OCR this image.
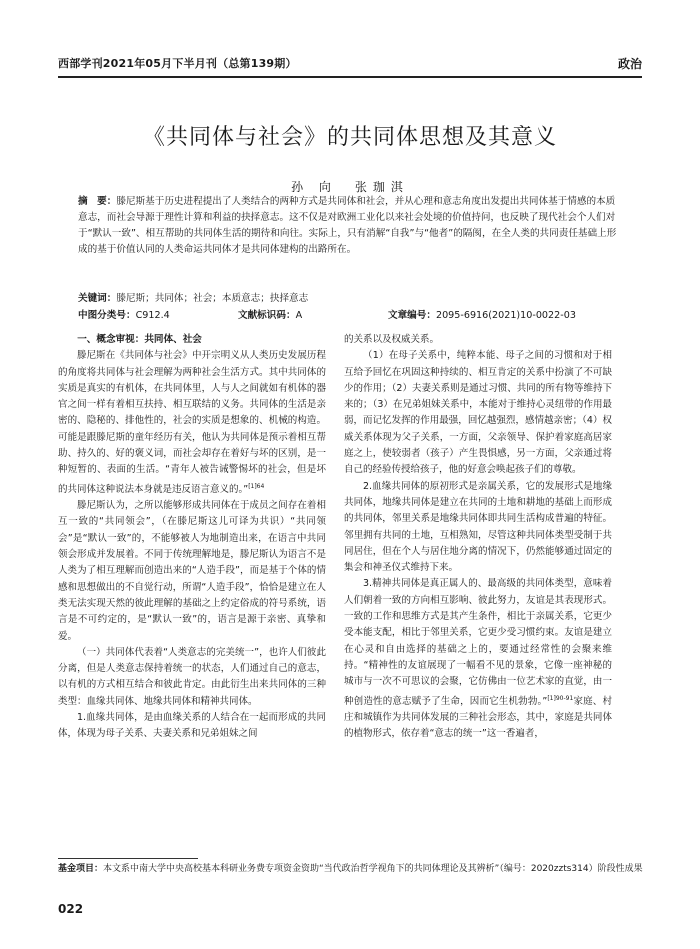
西部学刊2021年05月下半月刊（总第139期）	政治
《共同体与社会》的共同体思想及其意义
孙 向　张珈淇
摘　要：滕尼斯基于历史进程提出了人类结合的两种方式是共同体和社会，并从心理和意志角度出发提出共同体基于情感的本质意志，而社会导源于理性计算和利益的抉择意志。这不仅是对欧洲工业化以来社会处境的价值持问，也反映了现代社会个人们对于“默认一致”、相互帮助的共同体生活的期待和向往。实际上，只有消解“自我”与“他者”的隔阂，在全人类的共同责任基础上形成的基于价值认同的人类命运共同体才是共同体建构的出路所在。
关键词：滕尼斯；共同体；社会；本质意志；抉择意志
中图分类号：C912.4	文献标识码：A	文章编号：2095-6916(2021)10-0022-03
一、概念审视：共同体、社会

滕尼斯在《共同体与社会》中开宗明义从人类历史发展历程的角度将共同体与社会理解为两种社会生活方式。其中共同体的实质是真实的有机体，在共同体里，人与人之间就如有机体的器官之间一样有着相互扶持、相互联结的义务。共同体的生活是亲密的、隐秘的、排他性的，社会的实质是想象的、机械的构造。可能是跟滕尼斯的童年经历有关，他认为共同体是预示着相互帮助、持久的、好的褒义词，而社会却存在着好与坏的区别，是一种短暂的、表面的生活。“青年人被告诫警惕坏的社会，但是坏的共同体这种说法本身就是违反语言意义的。”$^{[1]64}$

滕尼斯认为，之所以能够形成共同体在于成员之间存在着相互一致的“共同领会”，（在滕尼斯这儿可译为共识）“共同领会”是“默认一致”的，不能够被人为地制造出来，在语言中共同领会形成并发展着。不同于传统理解地是，滕尼斯认为语言不是人类为了相互理解而创造出来的“人造手段”，而是基于个体的情感和思想做出的不自觉行动，所谓“人造手段”，恰恰是建立在人类无法实现天然的彼此理解的基础之上约定俗成的符号系统，语言是不可约定的，是“默认一致”的，语言是源于亲密、真挚和爱。

（一）共同体代表着“人类意志的完美统一”，也许人们彼此分离，但是人类意志保持着统一的状态，人们通过自己的意志，以有机的方式相互结合和彼此肯定。由此衍生出来共同体的三种类型：血缘共同体、地缘共同体和精神共同体。

1.血缘共同体，是由血缘关系的人结合在一起而形成的共同体，体现为母子关系、夫妻关系和兄弟姐妹之间

的关系以及权威关系。

（1）在母子关系中，纯粹本能、母子之间的习惯和对于相互给予回忆在巩固这种持续的、相互肯定的关系中扮演了不可缺少的作用；（2）夫妻关系则是通过习惯、共同的所有物等维持下来的；（3）在兄弟姐妹关系中，本能对于维持心灵纽带的作用最弱，而记忆发挥的作用最强，回忆越强烈，感情越亲密；（4）权威关系体现为父子关系，一方面，父亲领导、保护着家庭高居家庭之上，使较弱者（孩子）产生畏惧感，另一方面，父亲通过将自己的经验传授给孩子，他的好意会唤起孩子们的尊敬。

2.血缘共同体的原初形式是亲属关系，它的发展形式是地缘共同体，地缘共同体是建立在共同的土地和耕地的基础上而形成的共同体，邻里关系是地缘共同体即共同生活构成普遍的特征。邻里拥有共同的土地，互相熟知，尽管这种共同体类型受制于共同居住，但在个人与居住地分离的情况下，仍然能够通过固定的集会和神圣仪式维持下来。

3.精神共同体是真正属人的、最高级的共同体类型，意味着人们朝着一致的方向相互影响、彼此努力，友谊是其表现形式。一致的工作和思维方式是其产生条件，相比于亲属关系，它更少受本能支配，相比于邻里关系，它更少受习惯约束。友谊是建立在心灵和自由选择的基础之上的，要通过经常性的会聚来维持。“精神性的友谊展现了一幅看不见的景象，它像一座神秘的城市与一次不可思议的会聚，它仿佛由一位艺术家的直觉，由一种创造性的意志赋予了生命，因而它生机勃勃。”$^{[1]90-91}$家庭、村庄和城镇作为共同体发展的三种社会形态，其中，家庭是共同体的植物形式，依存着“意志的统一”这一香遍者，

基金项目：本文系中南大学中央高校基本科研业务费专项资金资助“当代政治哲学视角下的共同体理论及其辨析”（编号：2020zzts314）阶段性成果
022
